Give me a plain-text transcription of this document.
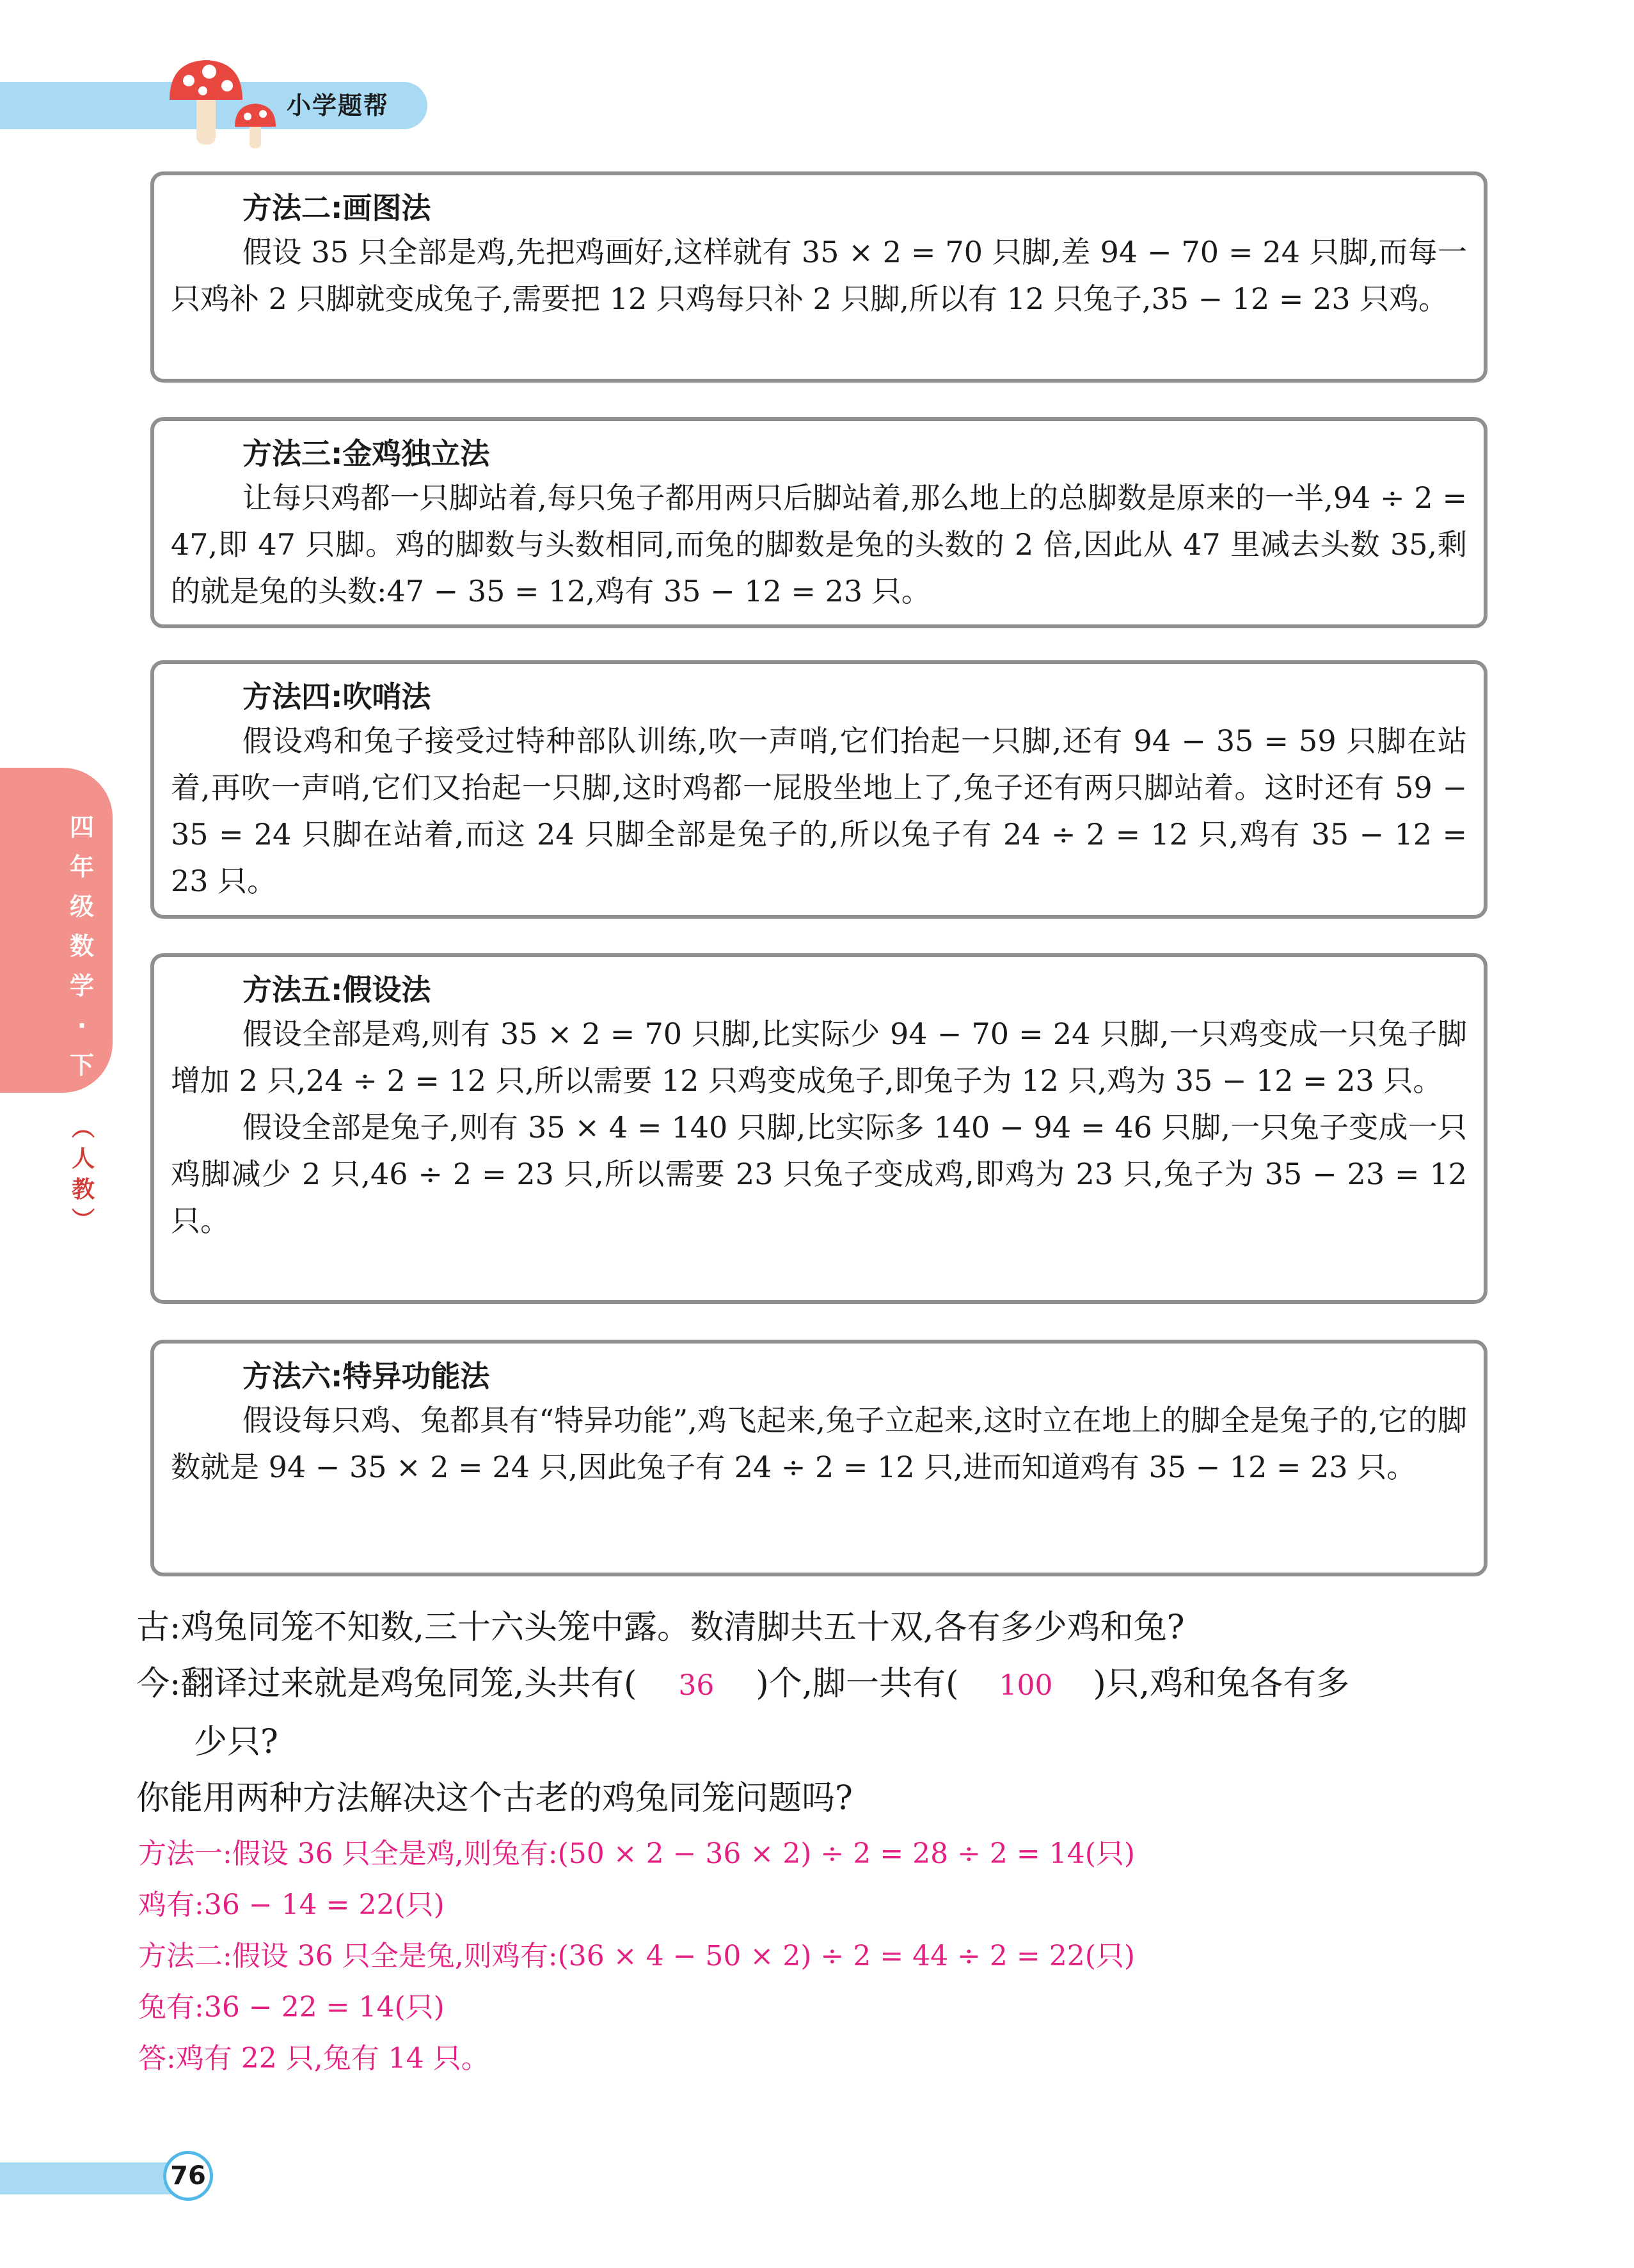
小学题帮
四
年
级
数
学
·
下
︵
人
教
︶
方法二:画图法

假设 35 只全部是鸡,先把鸡画好,这样就有 35 × 2 = 70 只脚,差 94 − 70 = 24 只脚,而每一只鸡补 2 只脚就变成兔子,需要把 12 只鸡每只补 2 只脚,所以有 12 只兔子,35 − 12 = 23 只鸡。

方法三:金鸡独立法

让每只鸡都一只脚站着,每只兔子都用两只后脚站着,那么地上的总脚数是原来的一半,94 ÷ 2 = 47,即 47 只脚。鸡的脚数与头数相同,而兔的脚数是兔的头数的 2 倍,因此从 47 里减去头数 35,剩的就是兔的头数:47 − 35 = 12,鸡有 35 − 12 = 23 只。

方法四:吹哨法

假设鸡和兔子接受过特种部队训练,吹一声哨,它们抬起一只脚,还有 94 − 35 = 59 只脚在站着,再吹一声哨,它们又抬起一只脚,这时鸡都一屁股坐地上了,兔子还有两只脚站着。这时还有 59 − 35 = 24 只脚在站着,而这 24 只脚全部是兔子的,所以兔子有 24 ÷ 2 = 12 只,鸡有 35 − 12 = 23 只。

方法五:假设法

假设全部是鸡,则有 35 × 2 = 70 只脚,比实际少 94 − 70 = 24 只脚,一只鸡变成一只兔子脚增加 2 只,24 ÷ 2 = 12 只,所以需要 12 只鸡变成兔子,即兔子为 12 只,鸡为 35 − 12 = 23 只。

假设全部是兔子,则有 35 × 4 = 140 只脚,比实际多 140 − 94 = 46 只脚,一只兔子变成一只鸡脚减少 2 只,46 ÷ 2 = 23 只,所以需要 23 只兔子变成鸡,即鸡为 23 只,兔子为 35 − 23 = 12 只。

方法六:特异功能法

假设每只鸡、兔都具有“特异功能”,鸡飞起来,兔子立起来,这时立在地上的脚全是兔子的,它的脚数就是 94 − 35 × 2 = 24 只,因此兔子有 24 ÷ 2 = 12 只,进而知道鸡有 35 − 12 = 23 只。

古:鸡兔同笼不知数,三十六头笼中露。数清脚共五十双,各有多少鸡和兔?

今:翻译过来就是鸡兔同笼,头共有( 36 )个,脚一共有( 100 )只,鸡和兔各有多

少只?

你能用两种方法解决这个古老的鸡兔同笼问题吗?

方法一:假设 36 只全是鸡,则兔有:(50 × 2 − 36 × 2) ÷ 2 = 28 ÷ 2 = 14(只)

鸡有:36 − 14 = 22(只)

方法二:假设 36 只全是兔,则鸡有:(36 × 4 − 50 × 2) ÷ 2 = 44 ÷ 2 = 22(只)

兔有:36 − 22 = 14(只)

答:鸡有 22 只,兔有 14 只。

76
